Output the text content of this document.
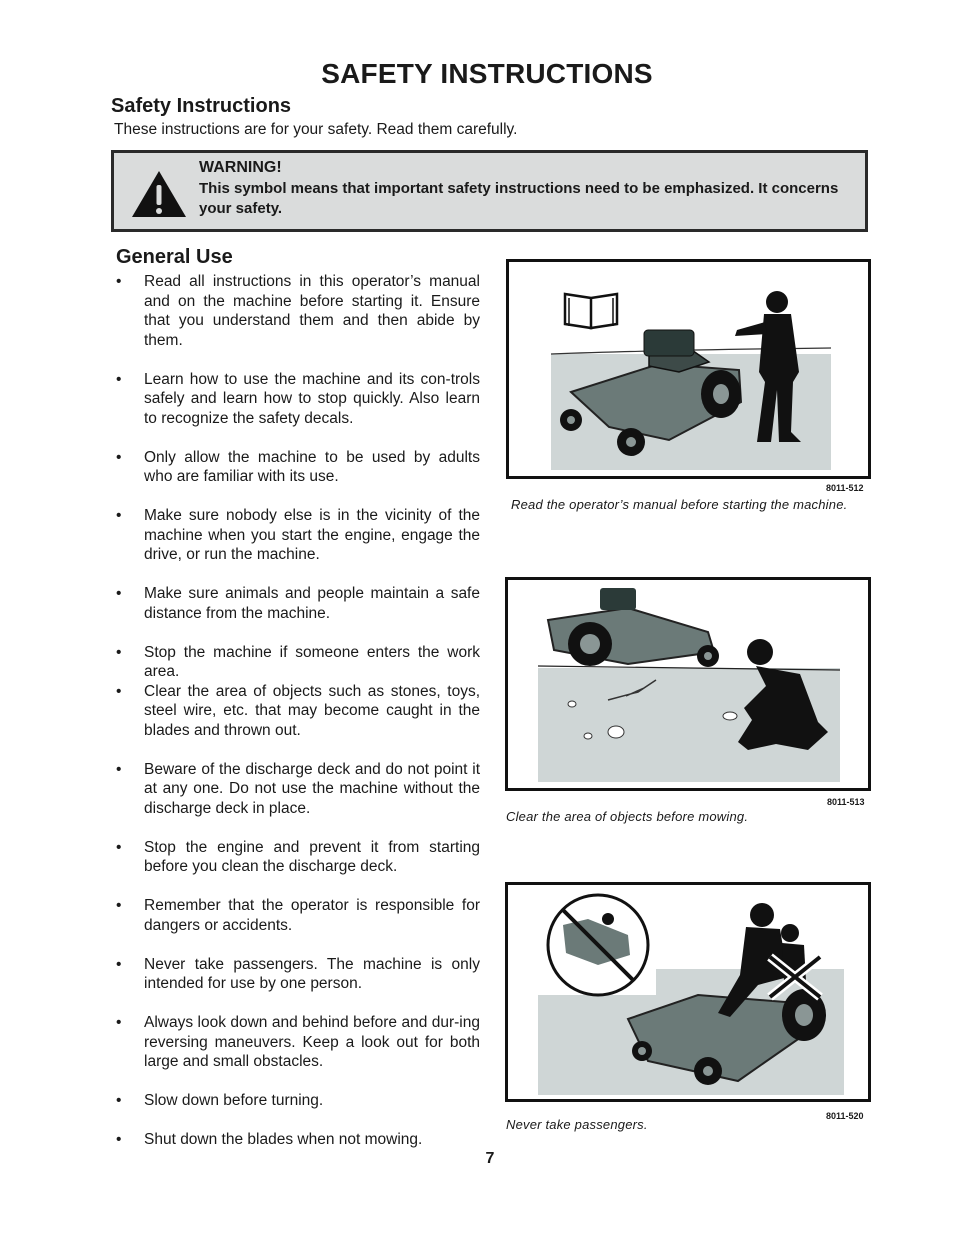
SAFETY INSTRUCTIONS
Safety Instructions
These instructions are for your safety. Read them carefully.
WARNING!
This symbol means that important safety instructions need to be emphasized. It concerns your safety.
General Use
• Read all instructions in this operator’s manual and on the machine before starting it. Ensure that you understand them and then abide by them.
• Learn how to use the machine and its con-trols safely and learn how to stop quickly. Also learn to recognize the safety decals.
• Only allow the machine to be used by adults who are familiar with its use.
• Make sure nobody else is in the vicinity of the machine when you start the engine, engage the drive, or run the machine.
• Make sure animals and people maintain a safe distance from the machine.
• Stop the machine if someone enters the work area.
• Clear the area of objects such as stones, toys, steel wire, etc. that may become caught in the blades and thrown out.
• Beware of the discharge deck and do not point it at any one. Do not use the machine without the discharge deck in place.
• Stop the engine and prevent it from starting before you clean the discharge deck.
• Remember that the operator is responsible for dangers or accidents.
• Never take passengers. The machine is only intended for use by one person.
• Always look down and behind before and dur-ing reversing maneuvers. Keep a look out for both large and small obstacles.
• Slow down before turning.
• Shut down the blades when not mowing.
8011-512
Read the operator’s manual before starting the machine.
8011-513
Clear the area of objects before mowing.
8011-520
Never take passengers.
7
